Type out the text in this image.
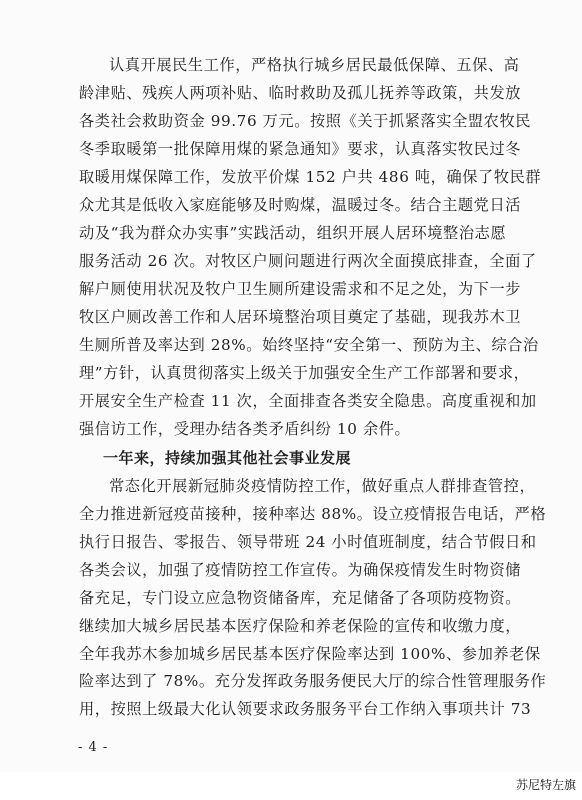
- 4 -
认真开展民生工作，严格执行城乡居民最低保障、五保、高
龄津贴、残疾人两项补贴、临时救助及孤儿抚养等政策，共发放
各类社会救助资金 99.76 万元。按照《关于抓紧落实全盟农牧民
冬季取暖第一批保障用煤的紧急通知》要求，认真落实牧民过冬
取暖用煤保障工作，发放平价煤 152 户共 486 吨，确保了牧民群
众尤其是低收入家庭能够及时购煤，温暖过冬。结合主题党日活
动及“我为群众办实事”实践活动，组织开展人居环境整治志愿
服务活动 26 次。对牧区户厕问题进行两次全面摸底排查，全面了
解户厕使用状况及牧户卫生厕所建设需求和不足之处，为下一步
牧区户厕改善工作和人居环境整治项目奠定了基础，现我苏木卫
生厕所普及率达到 28%。始终坚持“安全第一、预防为主、综合治
理”方针，认真贯彻落实上级关于加强安全生产工作部署和要求，
开展安全生产检查 11 次，全面排查各类安全隐患。高度重视和加
强信访工作，受理办结各类矛盾纠纷 10 余件。
一年来，持续加强其他社会事业发展
常态化开展新冠肺炎疫情防控工作，做好重点人群排查管控，
全力推进新冠疫苗接种，接种率达 88%。设立疫情报告电话，严格
执行日报告、零报告、领导带班 24 小时值班制度，结合节假日和
各类会议，加强了疫情防控工作宣传。为确保疫情发生时物资储
备充足，专门设立应急物资储备库，充足储备了各项防疫物资。
继续加大城乡居民基本医疗保险和养老保险的宣传和收缴力度，
全年我苏木参加城乡居民基本医疗保险率达到 100%、参加养老保
险率达到了 78%。充分发挥政务服务便民大厅的综合性管理服务作
用，按照上级最大化认领要求政务服务平台工作纳入事项共计 73
苏尼特左旗
